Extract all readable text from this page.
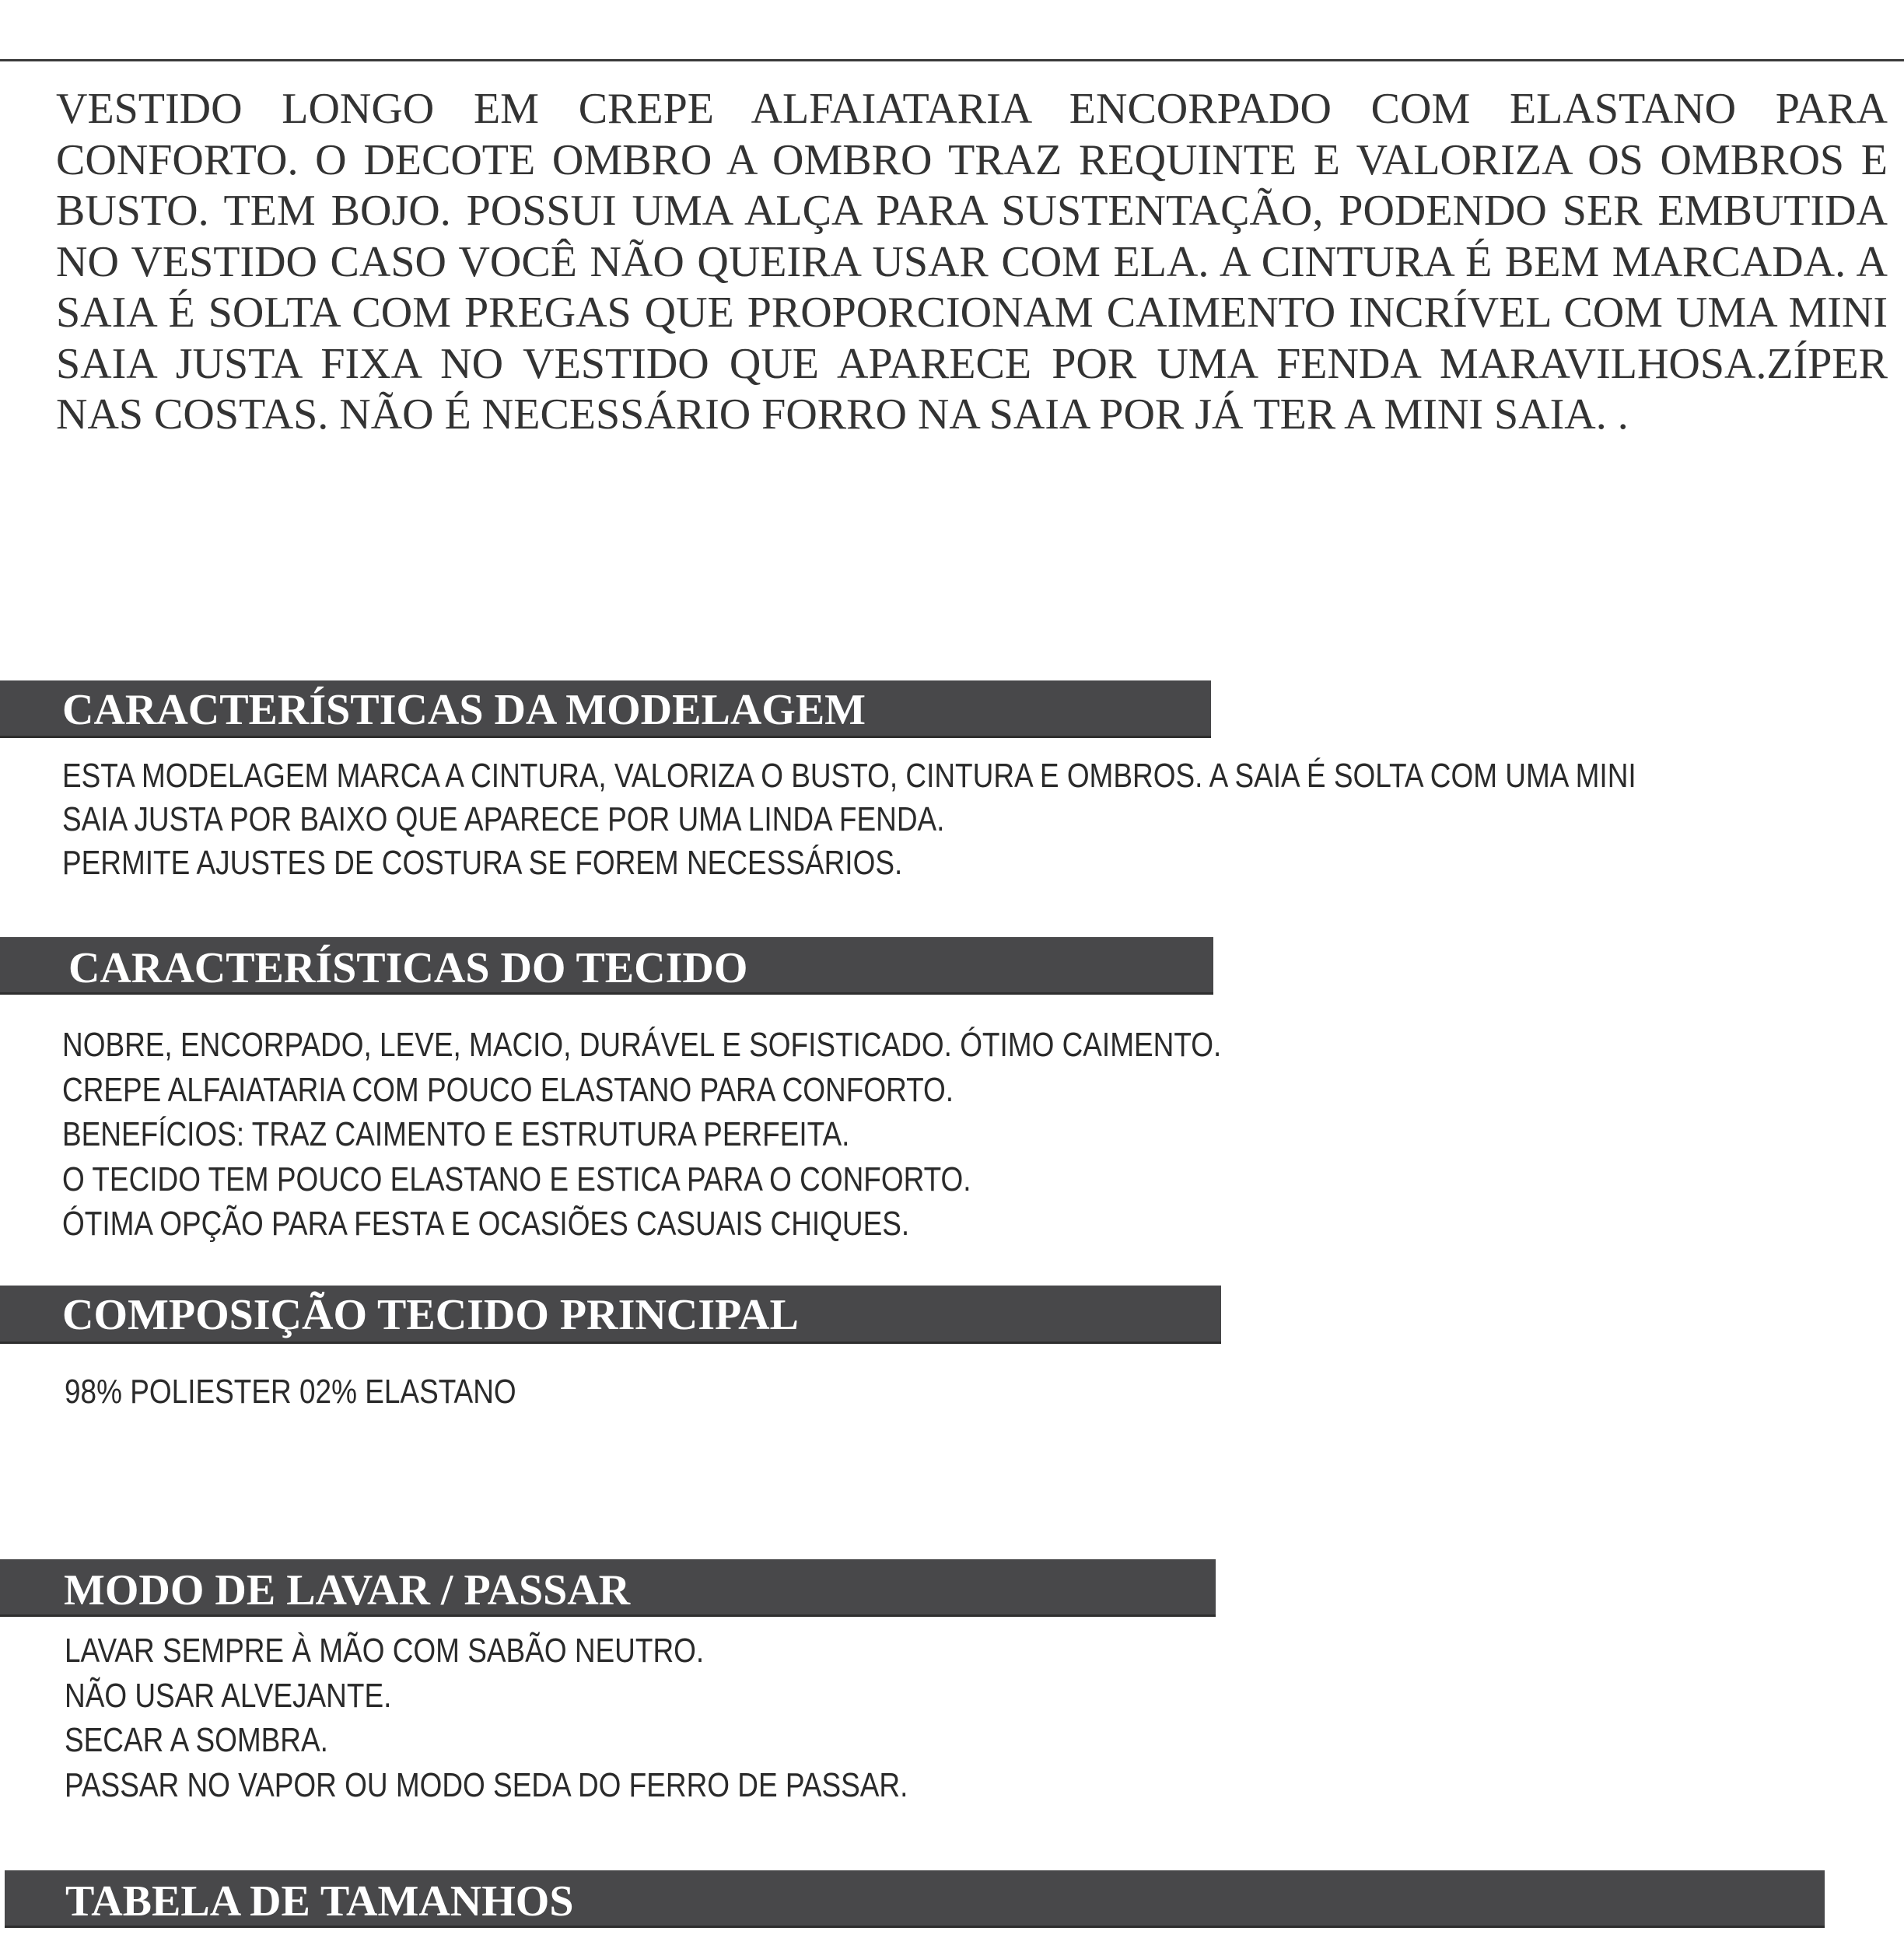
VESTIDO LONGO EM CREPE ALFAIATARIA ENCORPADO COM ELASTANO PARA CONFORTO. O DECOTE OMBRO A OMBRO TRAZ REQUINTE E VALORIZA OS OMBROS E BUSTO. TEM BOJO. POSSUI UMA ALÇA PARA SUSTENTAÇÃO, PODENDO SER EMBUTIDA NO VESTIDO CASO VOCÊ NÃO QUEIRA USAR COM ELA. A CINTURA É BEM MARCADA. A SAIA É SOLTA COM PREGAS QUE PROPORCIONAM CAIMENTO INCRÍVEL COM UMA MINI SAIA JUSTA FIXA NO VESTIDO QUE APARECE POR UMA FENDA MARAVILHOSA.ZÍPER NAS COSTAS. NÃO É NECESSÁRIO FORRO NA SAIA POR JÁ TER A MINI SAIA. .

CARACTERÍSTICAS DA MODELAGEM
ESTA MODELAGEM MARCA A CINTURA, VALORIZA O BUSTO, CINTURA E OMBROS. A SAIA É SOLTA COM UMA MINI
SAIA JUSTA POR BAIXO QUE APARECE POR UMA LINDA FENDA.
PERMITE AJUSTES DE COSTURA SE FOREM NECESSÁRIOS.
CARACTERÍSTICAS DO TECIDO
NOBRE, ENCORPADO, LEVE, MACIO, DURÁVEL E SOFISTICADO. ÓTIMO CAIMENTO.
CREPE ALFAIATARIA COM POUCO ELASTANO PARA CONFORTO.
BENEFÍCIOS: TRAZ CAIMENTO E ESTRUTURA PERFEITA.
O TECIDO TEM POUCO ELASTANO E ESTICA PARA O CONFORTO.
ÓTIMA OPÇÃO PARA FESTA E OCASIÕES CASUAIS CHIQUES.
COMPOSIÇÃO TECIDO PRINCIPAL
98% POLIESTER 02% ELASTANO
MODO DE LAVAR / PASSAR
LAVAR SEMPRE À MÃO COM SABÃO NEUTRO.
NÃO USAR ALVEJANTE.
SECAR A SOMBRA.
PASSAR NO VAPOR OU MODO SEDA DO FERRO DE PASSAR.
TABELA DE TAMANHOS
